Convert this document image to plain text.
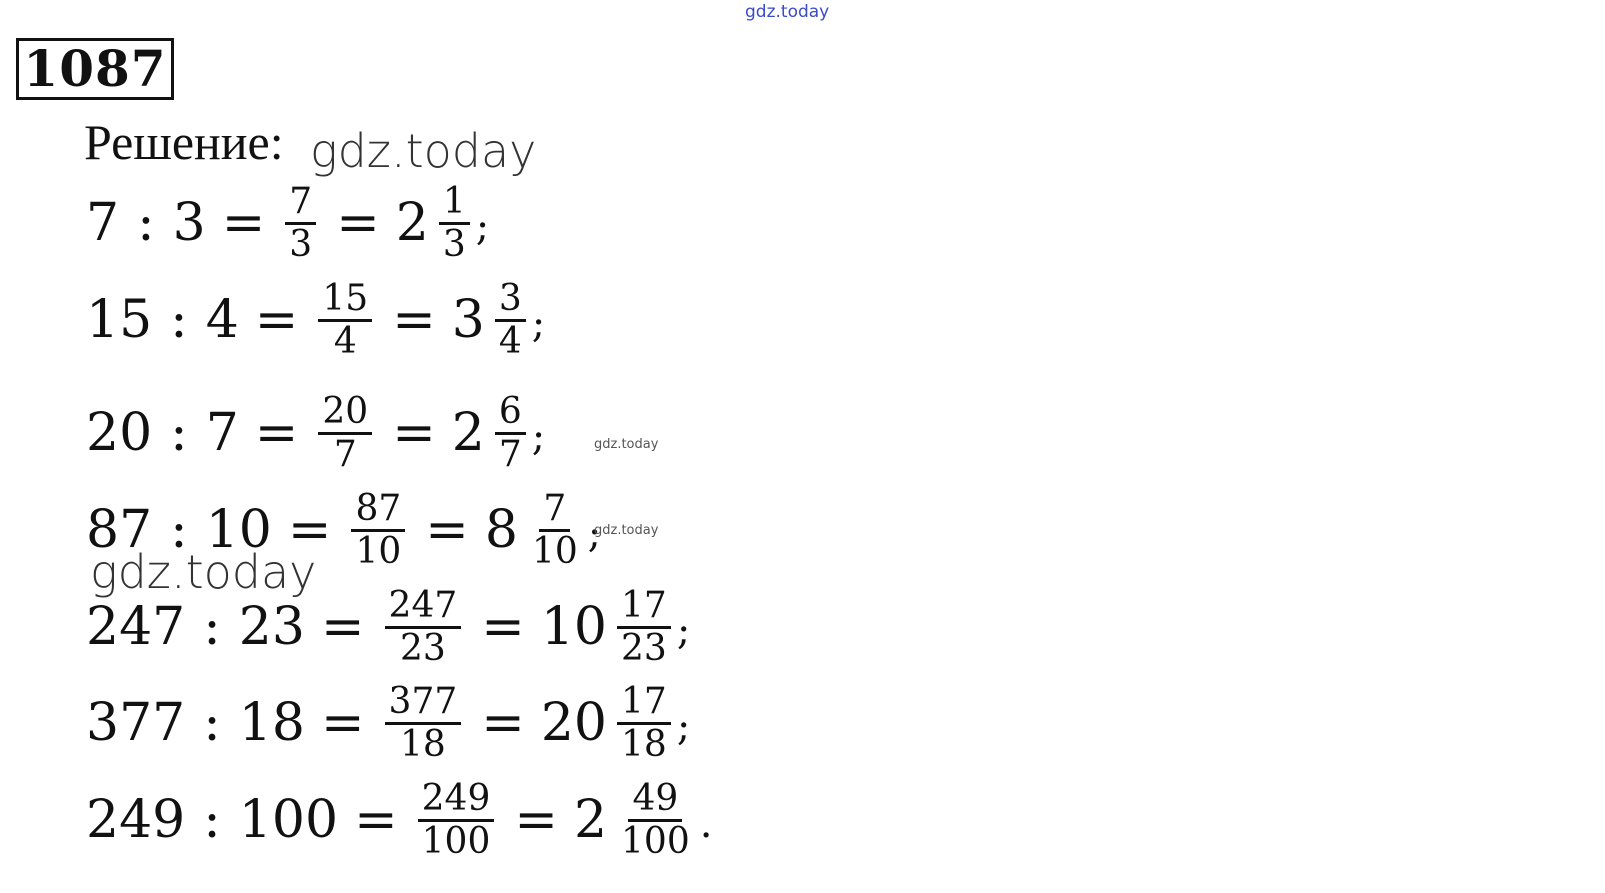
gdz.today
1087
Решение: gdz.today
7 : $3 = \frac{7}{3} = 2 \frac{1}{3}$ ;
15 : $4 = \frac{15}{4} = 3 \frac{3}{4}$ ;
20 : $7 = \frac{20}{7} = 2 \frac{6}{7}$ ;
87 : $10 = \frac{87}{10} = 8 \frac{7}{10}$ ;
247 : $23 = \frac{247}{23} = 10 \frac{17}{23}$ ;
377 : $18 = \frac{377}{18} = 20 \frac{17}{18}$ ;
249 : $100 = \frac{249}{100} = 2 \frac{49}{100}$ .
gdz.today
gdz.today
gdz.today
